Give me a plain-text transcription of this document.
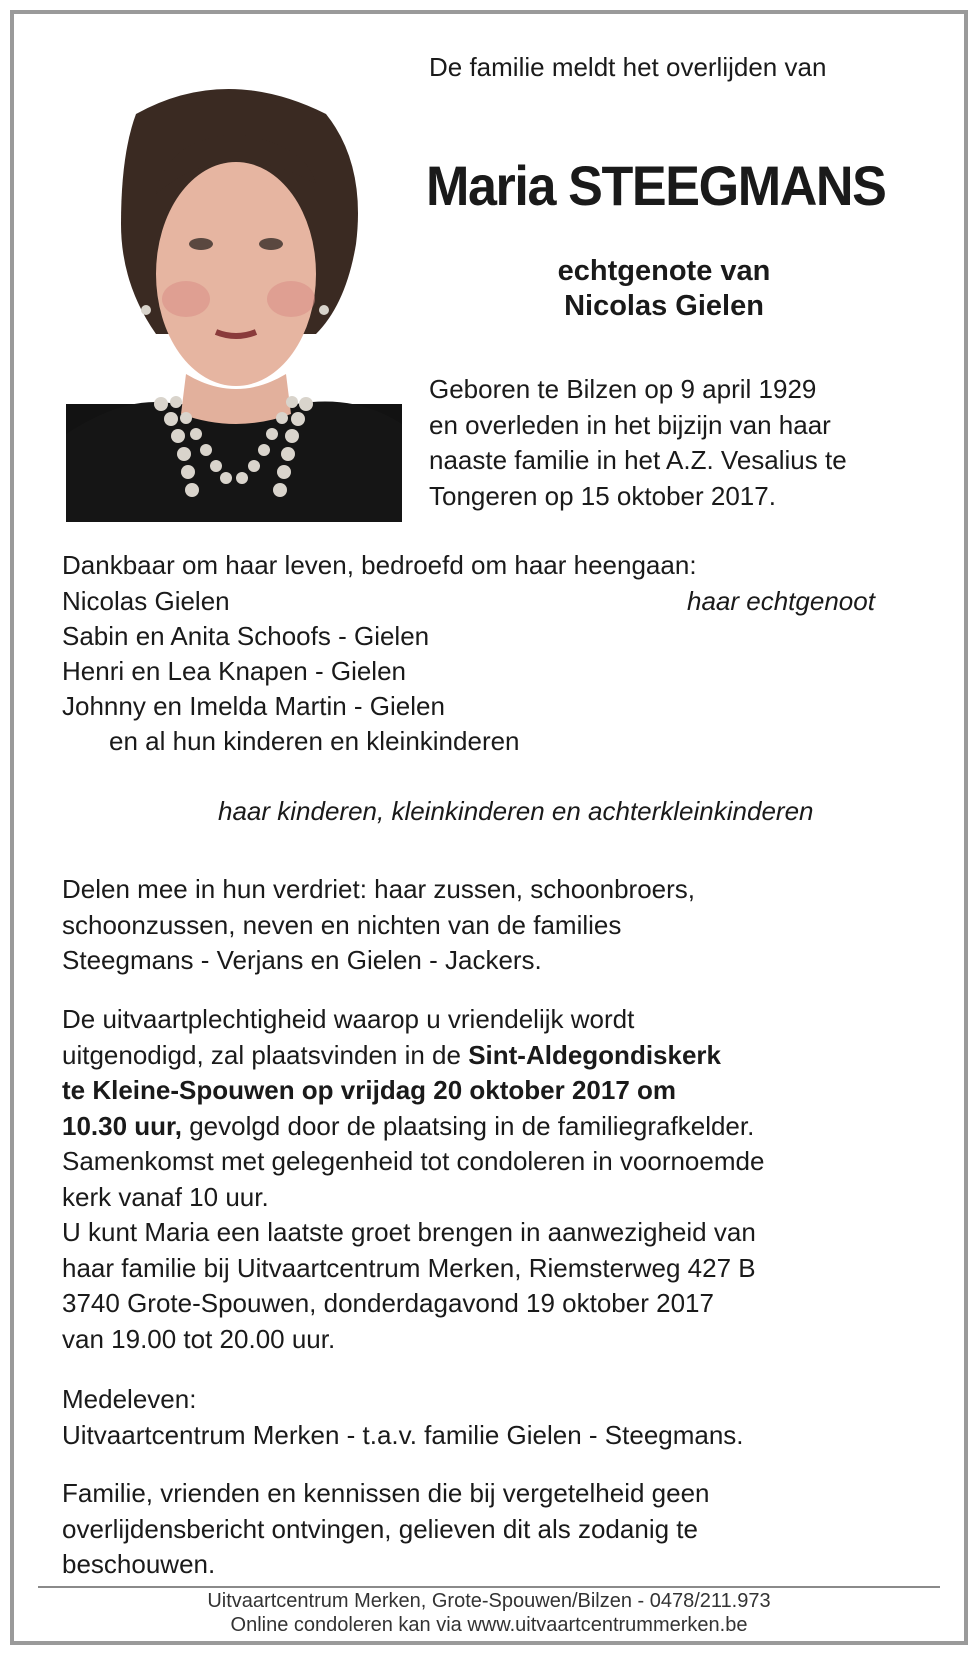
De familie meldt het overlijden van
Maria STEEGMANS
echtgenote van
Nicolas Gielen
Geboren te Bilzen op 9 april 1929
en overleden in het bijzijn van haar
naaste familie in het A.Z. Vesalius te
Tongeren op 15 oktober 2017.
Dankbaar om haar leven, bedroefd om haar heengaan:
Nicolas Gielen	haar echtgenoot
Sabin en Anita Schoofs - Gielen
Henri en Lea Knapen - Gielen
Johnny en Imelda Martin - Gielen
en al hun kinderen en kleinkinderen
haar kinderen, kleinkinderen en achterkleinkinderen
Delen mee in hun verdriet: haar zussen, schoonbroers,
schoonzussen, neven en nichten van de families
Steegmans - Verjans en Gielen - Jackers.
De uitvaartplechtigheid waarop u vriendelijk wordt
uitgenodigd, zal plaatsvinden in de Sint-Aldegondiskerk
te Kleine-Spouwen op vrijdag 20 oktober 2017 om
10.30 uur, gevolgd door de plaatsing in de familiegrafkelder.
Samenkomst met gelegenheid tot condoleren in voornoemde
kerk vanaf 10 uur.
U kunt Maria een laatste groet brengen in aanwezigheid van
haar familie bij Uitvaartcentrum Merken, Riemsterweg 427 B
3740 Grote-Spouwen, donderdagavond 19 oktober 2017
van 19.00 tot 20.00 uur.
Medeleven:
Uitvaartcentrum Merken - t.a.v. familie Gielen - Steegmans.
Familie, vrienden en kennissen die bij vergetelheid geen
overlijdensbericht ontvingen, gelieven dit als zodanig te
beschouwen.
Uitvaartcentrum Merken, Grote-Spouwen/Bilzen - 0478/211.973
Online condoleren kan via www.uitvaartcentrummerken.be
